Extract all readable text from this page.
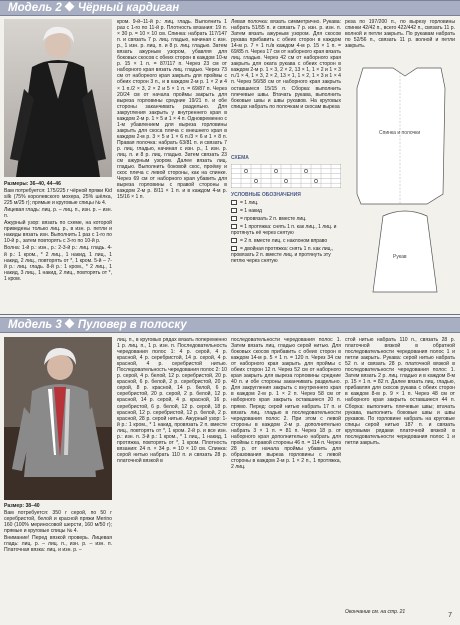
Модель 2 Чёрный кардиган
Размеры: 36–40, 44–46
Вам потребуется: 175/225 г чёрной пряжи Kid silk (75% королевского мохера, 25% шёлка, 225 м/25 г); прямые и круговые спицы № 4.
Лицевая гладь: лиц. р. – лиц. п., изн. р. – изн. п.
Ажурный узор: вязать по схеме, на которой приведены только лиц. р., в изн. р. петли и накиды вязать изн. Выполнить 1 раз с 1-го по 10-й р., затем повторять с 3-го по 10-й р.
Волна: 1-й р.: изн., р.: 2-3-й р.: лиц. гладь. 4-й р.: 1 кром., * 2 лиц., 1 накид, 1 лиц., 1 накид, 2 лиц., повторять от *, 1 кром. 5-й – 7-й р.: лиц. гладь. 8-й р.: 1 кром., * 2 лиц., 1 накид, 3 лиц., 1 накид, 2 лиц., повторять от *, 1 кром.
кром. 9-й–11-й р.: лиц. гладь. Выполнить 1 раз с 1-го по 11-й р. Плотность вязания: 19 п. × 30 р. = 10 × 10 см. Спинка: набрать 117/147 п. и связать 7 р. лиц. гладью, начиная с изн. р., 1 изн. р. лиц. п. и 8 р. лиц. гладью. Затем вязать ажурным узором, убавляя для боковых скосов с обеих сторон в каждом 10-м р. 15 × 1 п. = 87/117 п. Через 23 см от наборного края вязать лиц. гладью. Через 73 см от наборного края закрыть для проймы с обеих сторон 3 п., и в каждом 2-м р. 1 × 2 и 4 × 1 п./2 × 3, 2 × 2 и 5 × 1 п. = 69/87 п. Через 20/24 см от начала проймы закрыть для выреза горловины средние 19/21 п. и обе стороны заканчивать раздельно. Для закругления закрыть у внутреннего края в каждом 2-м р. 1 × 5 и 1 × 4 п. Одновременно с 1-м убавлением для выреза горловины закрыть для скоса плеча с внешнего края в каждом 2-м р. 3 × 5 и 1 × 6 п./3 × 6 и 1 × 8 п. Правая полочка: набрать 63/81 п. и связать 7 р. лиц. гладью, начиная с изн. р., 1 изн. р. лиц. п. и 8 р. лиц. гладью. Затем связать 23 см ажурным узором. Далее вязать лиц. гладью. Выполнить боковой скос, проёму и скос плеча с левой стороны, как на спинке. Через 69 см от наборного края убавить для выреза горловины с правой стороны в каждом 2-м р. 8/11 × 1 п. и в каждом 4-м р. 15/16 × 1 п.
Левая полочка: вязать симметрично. Рукава: набрать 51/55 п. и связать 7 р. изн. р. изн. п. Затем вязать ажурным узором. Для скосов рукава прибавить с обеих сторон в каждом 14-м р. 7 × 1 п./в каждом 4-м р. 15 × 1 п. = 69/85 п. Через 17 см от наборного края вязать лиц. гладью. Через 42 см от наборного края закрыть для оката рукава с обеих сторон в каждом 2-м р. 1 × 3, 2 × 2, 13 × 1, 1 × 2 и 1 × 3 п./1 × 4, 1 × 3, 2 × 2, 13 × 1, 1 × 2, 1 × 3 и 1 × 4 п. Через 56/58 см от наборного края закрыть оставшиеся 15/15 п. Сборка: выполнить плечевые швы. Втачать рукава, выполнить боковые швы и швы рукавов. На круговых спицах набрать по полочкам и скосам выреза
реза по 197/200 п., по вырезу горловины спинки 42/42 п., всего 422/442 п., связать 11 р. волной и петли закрыть. По рукавам набрать по 52/56 п., связать 11 р. волной и петли закрыть.
СХЕМА
УСЛОВНЫЕ ОБОЗНАЧЕНИЯ
= 1 лиц.
= 1 накид
= провязать 2 п. вместе лиц.
= 1 протяжка: снять 1 п. как лиц., 1 лиц. и протянуть её через снятую
= 2 п. вместе лиц. с наклоном вправо
= двойная протяжка: снять 1 п. как лиц., провязать 2 п. вместе лиц. и протянуть эту петлю через снятую
Спинка и полочки
Рукав
Модель 3 Пуловер в полоску
Размер: 38–40
Вам потребуется: 350 г серой, по 50 г серебристой, белой и красной пряжи Merino 160 (100% мериносовой шерсти, 160 м/50 г); прямые и круговые спицы № 4.
Внимание! Перед вязкой проверь. Лицевая гладь: лиц. р. – лиц. п., изн. р. – изн. п. Платочная вязка: лиц. и изн. р. –
лиц. п., в круговых рядах вязать попеременно 1 р. лиц. п., 1 р. изн. п. Последовательность чередования полос 1: 4 р. серой, 4 р. красной, 4 р. серебристой, 14 р. серой, 4 р. красной, 4 р. серебристой нитью. Последовательность чередования полос 2: 10 р. серой, 4 р. белой, 12 р. серебристой, 20 р. красной, 6 р. белой, 2 р. серебристой, 20 р. серой, 8 р. красной, 14 р. белой, 6 р. серебристой, 20 р. серой, 2 р. белой, 12 р. красной, 14 р. серой, 4 р. красной, 16 р. серебристой, 6 р. белой, 12 р. серой, 18 р. красной, 12 р. серебристой, 12 р. белой, 2 р. красной, 28 р. серой нитью. Ажурный узор: 1-й р.: 1 кром., * 1 накид, провязать 2 п. вместе лиц., повторять от *, 1 кром. 2-й р. и все изн. р.: изн. п. 3-й р.: 1 кром., * 1 лиц., 1 накид, 1 протяжка, повторять от *, 1 кром. Плотность вязания: 24 п. × 34 р. = 10 × 10 см. Спинка: серой нитью набрать 110 п. и связать 28 р. платочной вязкой в
последовательности чередования полос 1. Затем вязать лиц. гладью серой нитью. Для боковых скосов прибавить с обеих сторон в каждом 14-м р. 5 × 1 п. = 120 п. Через 34 см от наборного края закрыть для проймы с обеих сторон 12 п. Через 52 см от наборного края закрыть для выреза горловины средние 40 п. и обе стороны заканчивать раздельно. Для закругления закрыть с внутреннего края в каждом 2-м р. 1 × 2 п. Через 58 см от наборного края закрыть оставшиеся 20 п. прямо. Перед: серой нитью набрать 17 п. и вязать лиц. гладью в последовательности чередования полос 2. При этом с левой стороны в каждом 2-м р. дополнительно набрать 3 × 1 п. = 81 п. Через 18 р. от наборного края дополнительно набрать для проймы с правой стороны 46 п. = 114 п. Через 28 р. от начала проймы убавить для образования выреза горловины с левой стороны в каждом 2-м р. 1 × 2 п., 1 протяжка, 2 лиц.
стой нитью набрать 110 п., связать 28 р. платочной вязкой в обратной последовательности чередования полос 1 и петли закрыть. Рукава: серой нитью набрать 52 п. и связать 28 р. платочной вязкой в последовательности чередования полос 1. Затем вязать 2 р. лиц. гладью и в каждом 8-м р. 15 × 1 п. = 82 п. Далее вязать лиц. гладью, прибавляя для скосов рукава с обеих сторон в каждом 8-м р. 9 × 1 п. Через 48 см от наборного края закрыть оставшиеся 44 п. Сборка: выполнить плечевые швы; втачать рукава, выполнить боковые швы и швы рукавов. По горловине набрать на круговые спицы серой нитью 187 п. и связать круговыми рядами платочной вязкой в последовательности чередования полос 1 и петли закрыть.
Окончание см. на стр. 21	7
